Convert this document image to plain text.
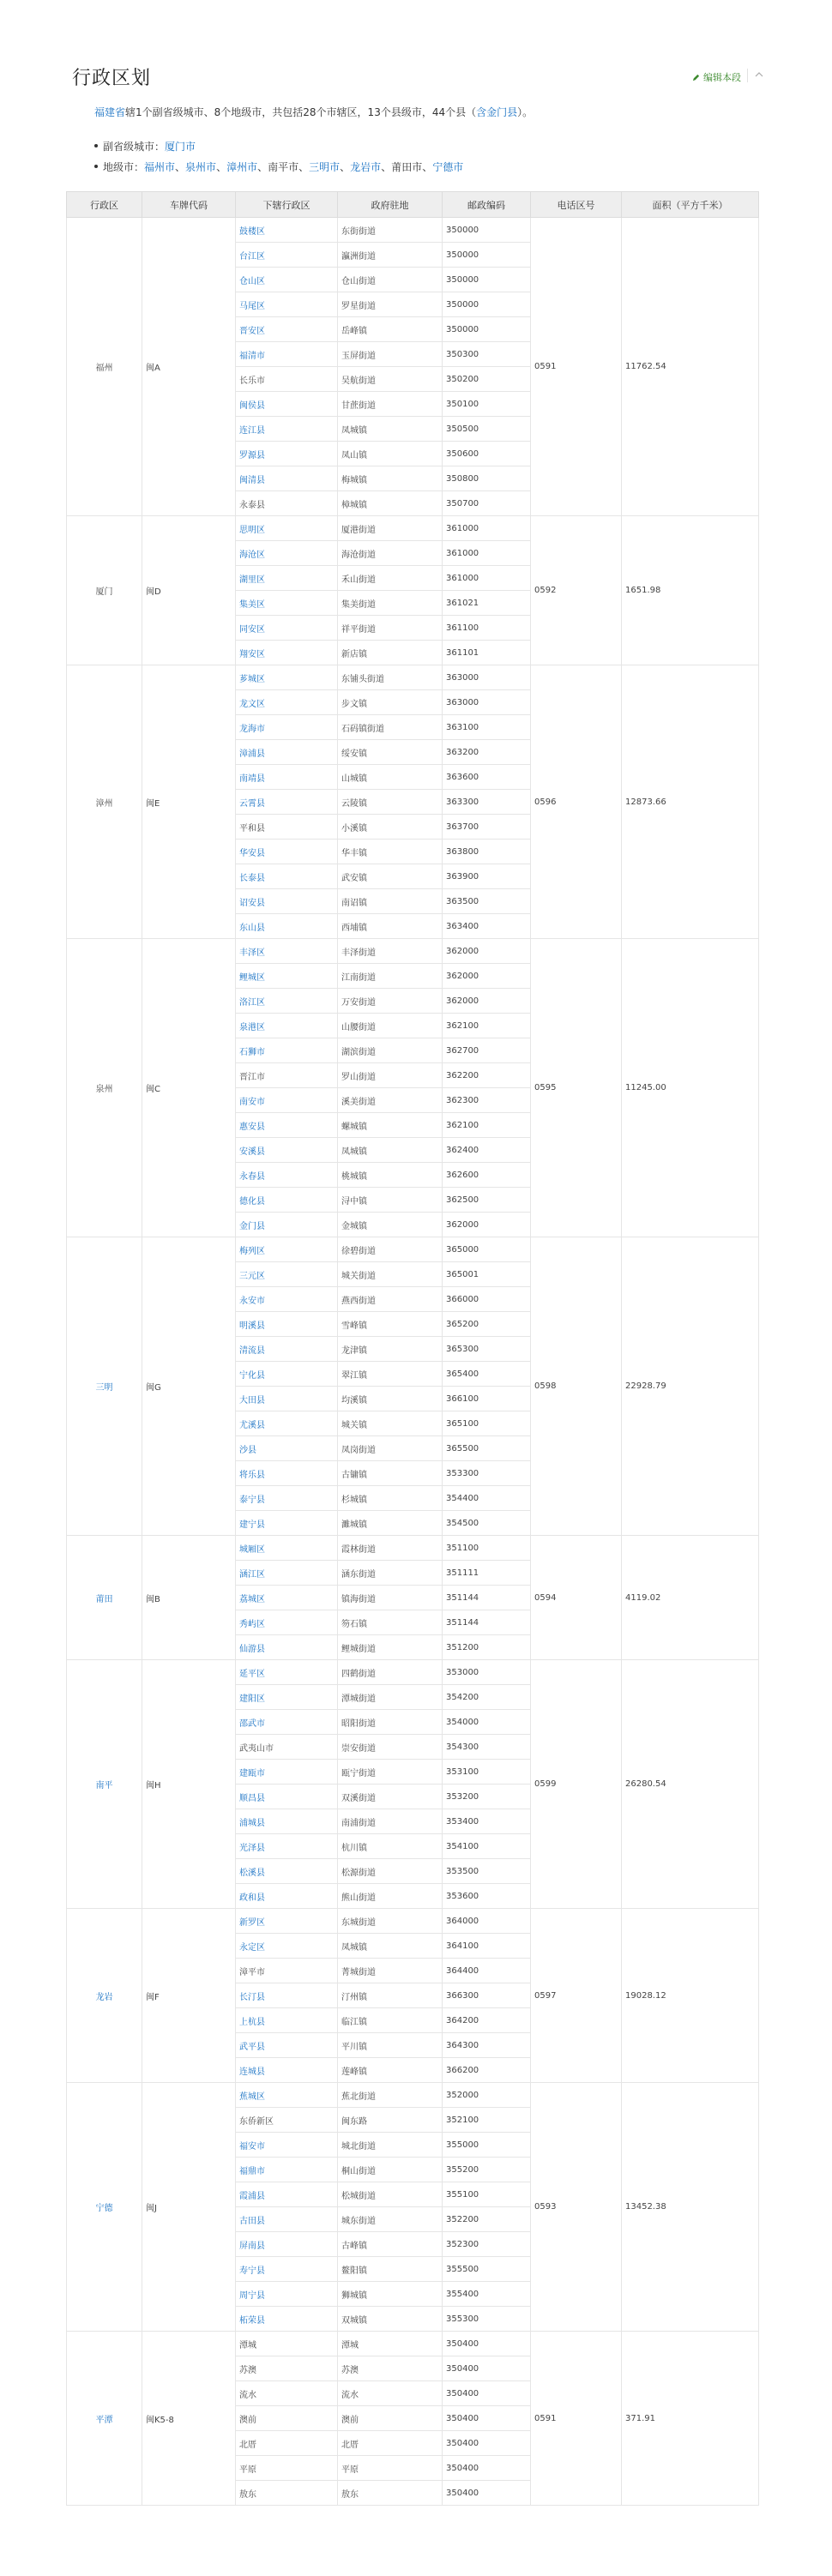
行政区划	编辑本段
福建省辖1个副省级城市、8个地级市，共包括28个市辖区，13个县级市，44个县（含金门县）。
副省级城市：厦门市
地级市：福州市、泉州市、漳州市、南平市、三明市、龙岩市、莆田市、宁德市
行政区	车牌代码	下辖行政区	政府驻地	邮政编码	电话区号	面积（平方千米）
福州	闽A	鼓楼区	东街街道	350000	0591	11762.54
		台江区	瀛洲街道	350000		
		仓山区	仓山街道	350000		
		马尾区	罗星街道	350000		
		晋安区	岳峰镇	350000		
		福清市	玉屏街道	350300		
		长乐市	吴航街道	350200		
		闽侯县	甘蔗街道	350100		
		连江县	凤城镇	350500		
		罗源县	凤山镇	350600		
		闽清县	梅城镇	350800		
		永泰县	樟城镇	350700		
厦门	闽D	思明区	厦港街道	361000	0592	1651.98
		海沧区	海沧街道	361000		
		湖里区	禾山街道	361000		
		集美区	集美街道	361021		
		同安区	祥平街道	361100		
		翔安区	新店镇	361101		
漳州	闽E	芗城区	东铺头街道	363000	0596	12873.66
		龙文区	步文镇	363000		
		龙海市	石码镇街道	363100		
		漳浦县	绥安镇	363200		
		南靖县	山城镇	363600		
		云霄县	云陵镇	363300		
		平和县	小溪镇	363700		
		华安县	华丰镇	363800		
		长泰县	武安镇	363900		
		诏安县	南诏镇	363500		
		东山县	西埔镇	363400		
泉州	闽C	丰泽区	丰泽街道	362000	0595	11245.00
		鲤城区	江南街道	362000		
		洛江区	万安街道	362000		
		泉港区	山腰街道	362100		
		石狮市	湖滨街道	362700		
		晋江市	罗山街道	362200		
		南安市	溪美街道	362300		
		惠安县	螺城镇	362100		
		安溪县	凤城镇	362400		
		永春县	桃城镇	362600		
		德化县	浔中镇	362500		
		金门县	金城镇	362000		
三明	闽G	梅列区	徐碧街道	365000	0598	22928.79
		三元区	城关街道	365001		
		永安市	燕西街道	366000		
		明溪县	雪峰镇	365200		
		清流县	龙津镇	365300		
		宁化县	翠江镇	365400		
		大田县	均溪镇	366100		
		尤溪县	城关镇	365100		
		沙县	凤岗街道	365500		
		将乐县	古镛镇	353300		
		泰宁县	杉城镇	354400		
		建宁县	濉城镇	354500		
莆田	闽B	城厢区	霞林街道	351100	0594	4119.02
		涵江区	涵东街道	351111		
		荔城区	镇海街道	351144		
		秀屿区	笏石镇	351144		
		仙游县	鲤城街道	351200		
南平	闽H	延平区	四鹤街道	353000	0599	26280.54
		建阳区	潭城街道	354200		
		邵武市	昭阳街道	354000		
		武夷山市	崇安街道	354300		
		建瓯市	瓯宁街道	353100		
		顺昌县	双溪街道	353200		
		浦城县	南浦街道	353400		
		光泽县	杭川镇	354100		
		松溪县	松源街道	353500		
		政和县	熊山街道	353600		
龙岩	闽F	新罗区	东城街道	364000	0597	19028.12
		永定区	凤城镇	364100		
		漳平市	菁城街道	364400		
		长汀县	汀州镇	366300		
		上杭县	临江镇	364200		
		武平县	平川镇	364300		
		连城县	莲峰镇	366200		
宁德	闽J	蕉城区	蕉北街道	352000	0593	13452.38
		东侨新区	闽东路	352100		
		福安市	城北街道	355000		
		福鼎市	桐山街道	355200		
		霞浦县	松城街道	355100		
		古田县	城东街道	352200		
		屏南县	古峰镇	352300		
		寿宁县	鳌阳镇	355500		
		周宁县	狮城镇	355400		
		柘荣县	双城镇	355300		
平潭	闽K5-8	潭城	潭城	350400	0591	371.91
		苏澳	苏澳	350400		
		流水	流水	350400		
		澳前	澳前	350400		
		北厝	北厝	350400		
		平原	平原	350400		
		敖东	敖东	350400		
